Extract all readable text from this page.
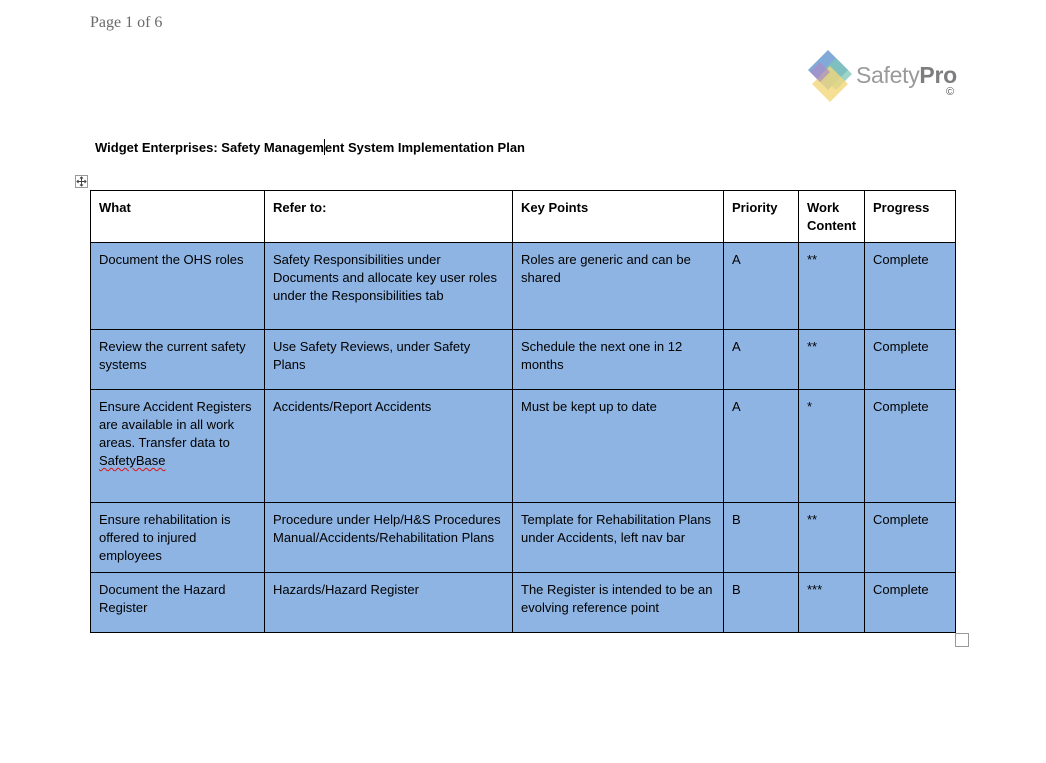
Page 1 of 6
SafetyPro
©
Widget Enterprises: Safety Management System Implementation Plan
What	Refer to:	Key Points	Priority	Work Content	Progress
Document the OHS roles	Safety Responsibilities under Documents and allocate key user roles under the Responsibilities tab	Roles are generic and can be shared	A	**	Complete
Review the current safety systems	Use Safety Reviews, under Safety Plans	Schedule the next one in 12 months	A	**	Complete
Ensure Accident Registers are available in all work areas. Transfer data to SafetyBase	Accidents/Report Accidents	Must be kept up to date	A	*	Complete
Ensure rehabilitation is offered to injured employees	Procedure under Help/H&S Procedures Manual/Accidents/Rehabilitation Plans	Template for Rehabilitation Plans under Accidents, left nav bar	B	**	Complete
Document the Hazard Register	Hazards/Hazard Register	The Register is intended to be an evolving reference point	B	***	Complete
